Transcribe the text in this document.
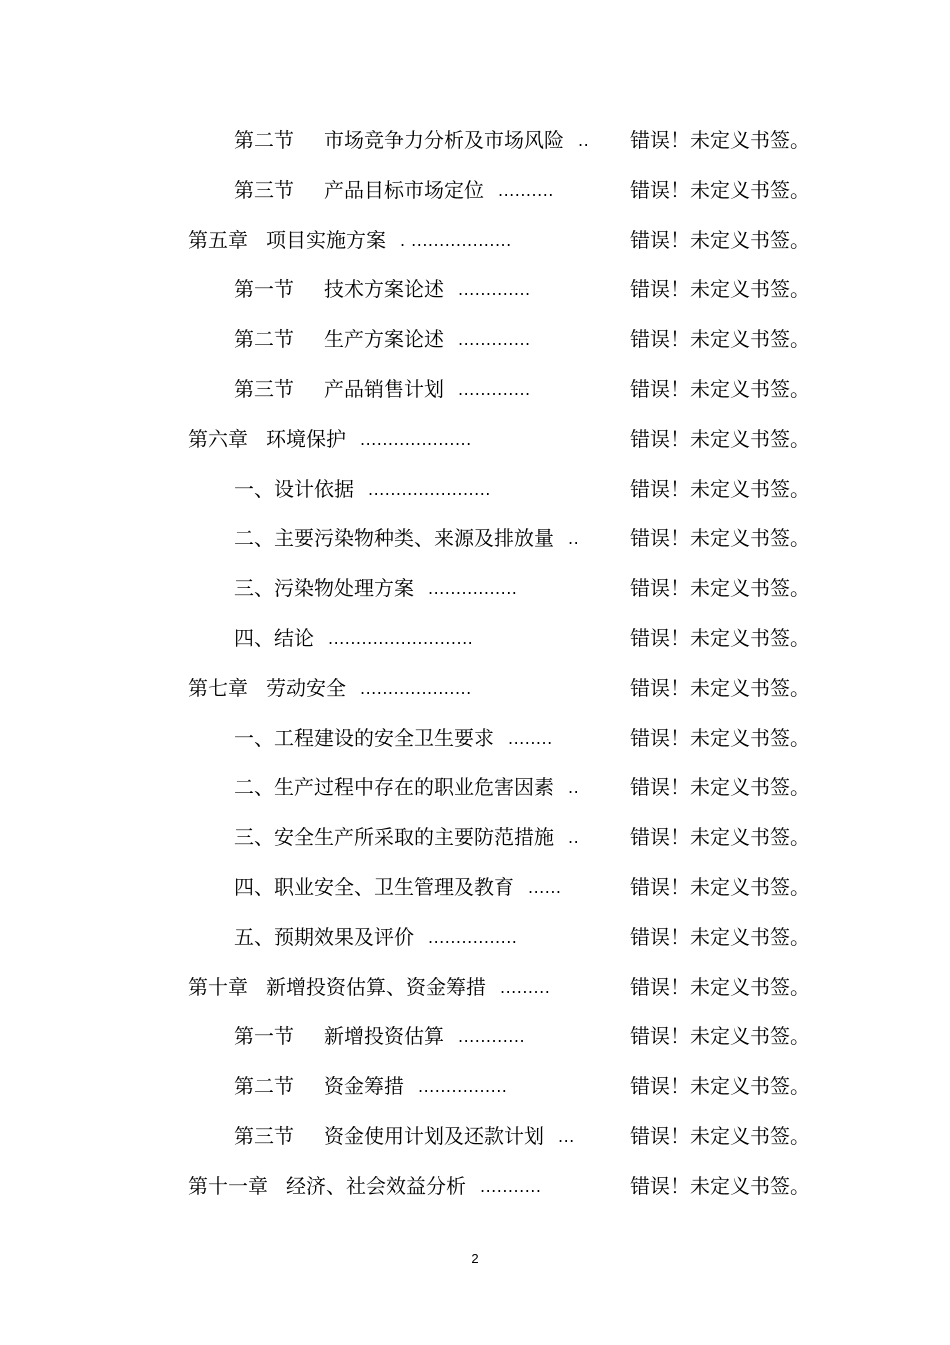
第二节 市场竞争力分析及市场风险 .. 错误！未定义书签。
第三节 产品目标市场定位 ..........	错误！未定义书签。
第五章 项目实施方案 . ..................	错误！未定义书签。
第一节 技术方案论述 .............	错误！未定义书签。
第二节 生产方案论述 .............	错误！未定义书签。
第三节 产品销售计划 .............	错误！未定义书签。
第六章 环境保护 ....................	错误！未定义书签。
一、 设计依据 ......................	错误！未定义书签。
二、 主要污染物种类、来源及排放量 ..	错误！未定义书签。
三、 污染物处理方案 ................	错误！未定义书签。
四、 结论 ..........................	错误！未定义书签。
第七章 劳动安全 ....................	错误！未定义书签。
一、 工程建设的安全卫生要求 ........	错误！未定义书签。
二、 生产过程中存在的职业危害因素 ..	错误！未定义书签。
三、 安全生产所采取的主要防范措施 ..	错误！未定义书签。
四、 职业安全、卫生管理及教育 ......	错误！未定义书签。
五、 预期效果及评价 ................	错误！未定义书签。
第十章 新增投资估算、资金筹措 .........	错误！未定义书签。
第一节 新增投资估算 ............	错误！未定义书签。
第二节 资金筹措 ................	错误！未定义书签。
第三节 资金使用计划及还款计划 ...	错误！未定义书签。
第十一章 经济、社会效益分析 ...........	错误！未定义书签。
2
